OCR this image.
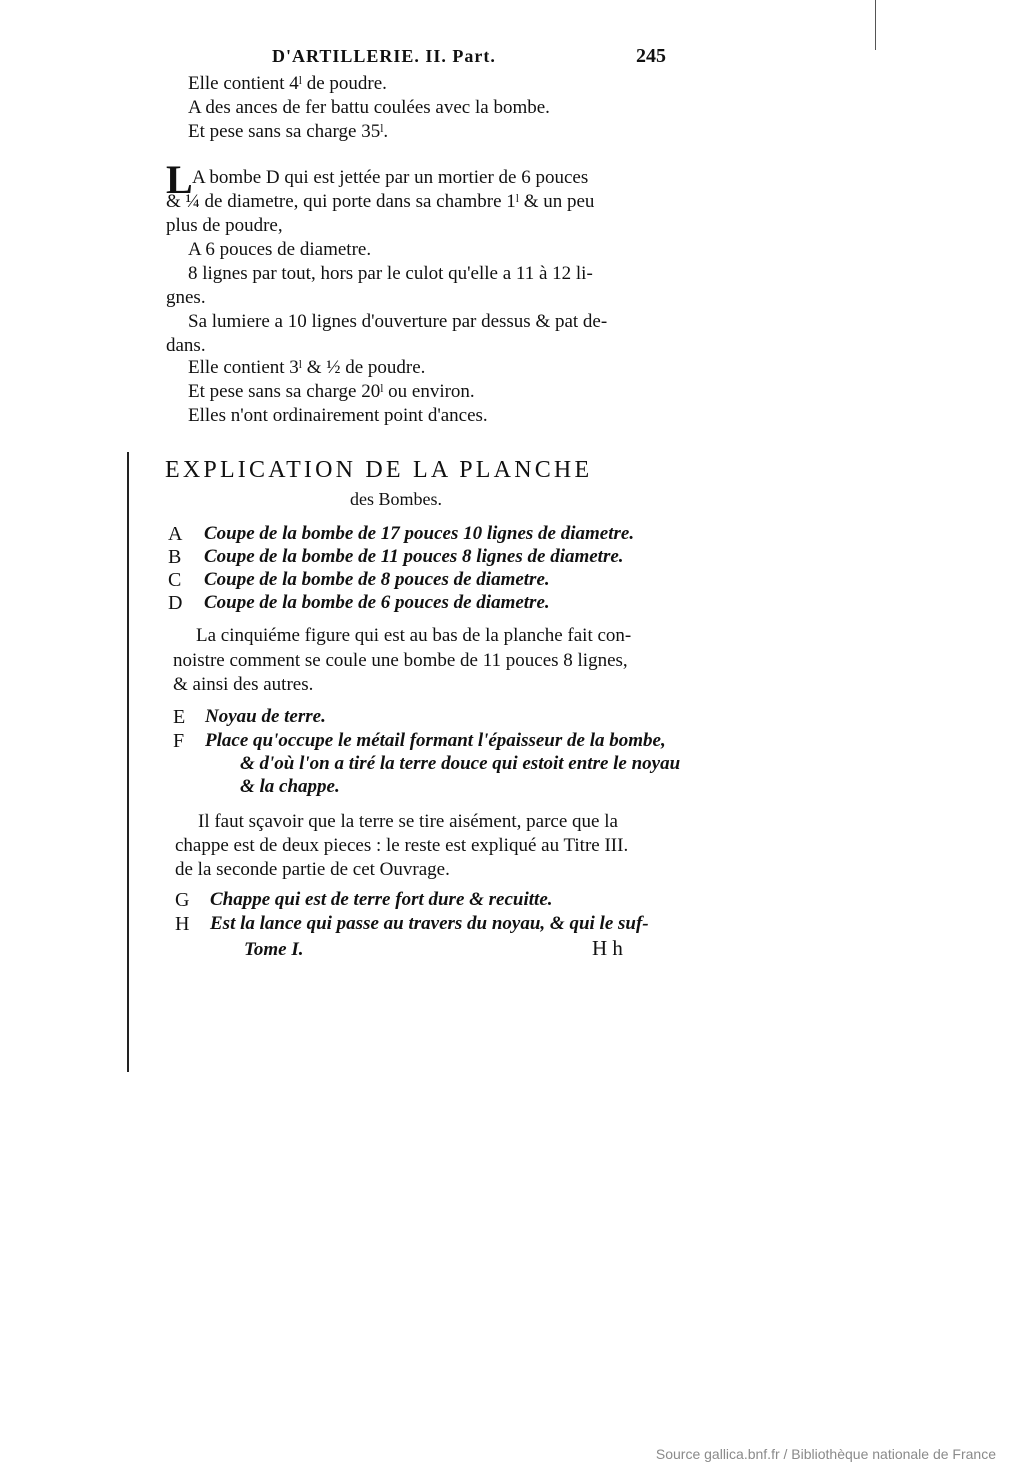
D'ARTILLERIE. II. Part.	245
Elle contient 4ˡ de poudre.
A des ances de fer battu coulées avec la bombe.
Et pese sans sa charge 35ˡ.
L A bombe D qui est jettée par un mortier de 6 pouces
& ¼ de diametre, qui porte dans sa chambre 1ˡ & un peu
plus de poudre,
A 6 pouces de diametre.
8 lignes par tout, hors par le culot qu'elle a 11 à 12 li-
gnes.
Sa lumiere a 10 lignes d'ouverture par dessus & pat de-
dans.
Elle contient 3ˡ & ½ de poudre.
Et pese sans sa charge 20ˡ ou environ.
Elles n'ont ordinairement point d'ances.
EXPLICATION DE LA PLANCHE
des Bombes.
A Coupe de la bombe de 17 pouces 10 lignes de diametre.
B Coupe de la bombe de 11 pouces 8 lignes de diametre.
C Coupe de la bombe de 8 pouces de diametre.
D Coupe de la bombe de 6 pouces de diametre.
La cinquiéme figure qui est au bas de la planche fait con-
noistre comment se coule une bombe de 11 pouces 8 lignes,
& ainsi des autres.
E Noyau de terre.
F Place qu'occupe le métail formant l'épaisseur de la bombe,
& d'où l'on a tiré la terre douce qui estoit entre le noyau
& la chappe.
Il faut sçavoir que la terre se tire aisément, parce que la
chappe est de deux pieces : le reste est expliqué au Titre III.
de la seconde partie de cet Ouvrage.
G Chappe qui est de terre fort dure & recuitte.
H Est la lance qui passe au travers du noyau, & qui le suf-
Tome I.	H h
Source gallica.bnf.fr / Bibliothèque nationale de France
